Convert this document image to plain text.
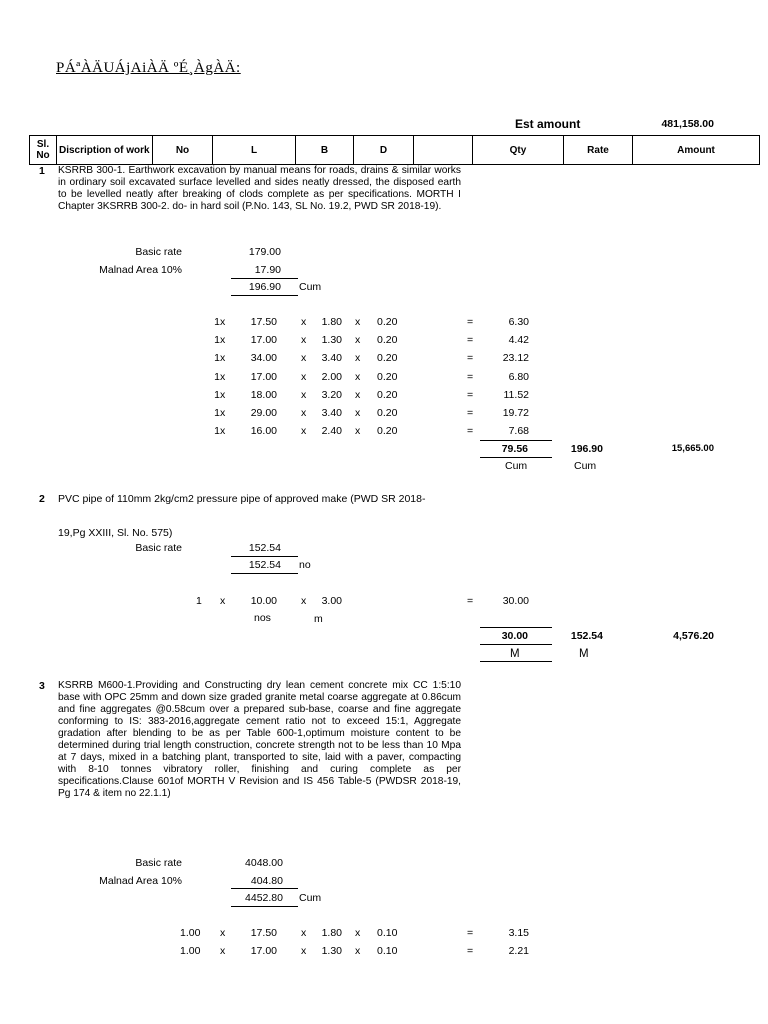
PÁªÀÄUÁjAiÀÄ ºÉ¸ÀgÀÄ:
Est amount	481,158.00
Sl. No	Discription of work	No	L	B	D		Qty	Rate	Amount
1 KSRRB 300-1. Earthwork excavation by manual means for roads, drains & similar works in ordinary soil excavated surface levelled and sides neatly dressed, the disposed earth to be levelled neatly after breaking of clods complete as per specifications. MORTH I Chapter 3KSRRB 300-2. do- in hard soil (P.No. 143, SL No. 19.2, PWD SR 2018-19).
Basic rate	179.00
Malnad Area 10%	17.90
196.90 Cum
1 x	17.50 x	1.80 x 0.20	=	6.30
1 x	17.00 x	1.30 x 0.20	=	4.42
1 x	34.00 x	3.40 x 0.20	=	23.12
1 x	17.00 x	2.00 x 0.20	=	6.80
1 x	18.00 x	3.20 x 0.20	=	11.52
1 x	29.00 x	3.40 x 0.20	=	19.72
1 x	16.00 x	2.40 x 0.20	=	7.68
79.56	196.90	15,665.00
Cum	Cum
2 PVC pipe of 110mm 2kg/cm2 pressure pipe of approved make (PWD SR 2018-
19,Pg XXIII, Sl. No. 575)
Basic rate	152.54
152.54 no
1 x	10.00 x	3.00	=	30.00
nos	m
30.00	152.54	4,576.20
M	M
3 KSRRB M600-1.Providing and Constructing dry lean cement concrete mix CC 1:5:10 base with OPC 25mm and down size graded granite metal coarse aggregate at 0.86cum and fine aggregates @0.58cum over a prepared sub-base, coarse and fine aggregate conforming to IS: 383-2016,aggregate cement ratio not to exceed 15:1, Aggregate gradation after blending to be as per Table 600-1,optimum moisture content to be determined during trial length construction, concrete strength not to be less than 10 Mpa at 7 days, mixed in a batching plant, transported to site, laid with a paver, compacting with 8-10 tonnes vibratory roller, finishing and curing complete as per specifications.Clause 601of MORTH V Revision and IS 456 Table-5 (PWDSR 2018-19, Pg 174 & item no 22.1.1)
Basic rate	4048.00
Malnad Area 10%	404.80
4452.80 Cum
1.00 x	17.50 x	1.80 x 0.10	=	3.15
1.00 x	17.00 x	1.30 x 0.10	=	2.21
